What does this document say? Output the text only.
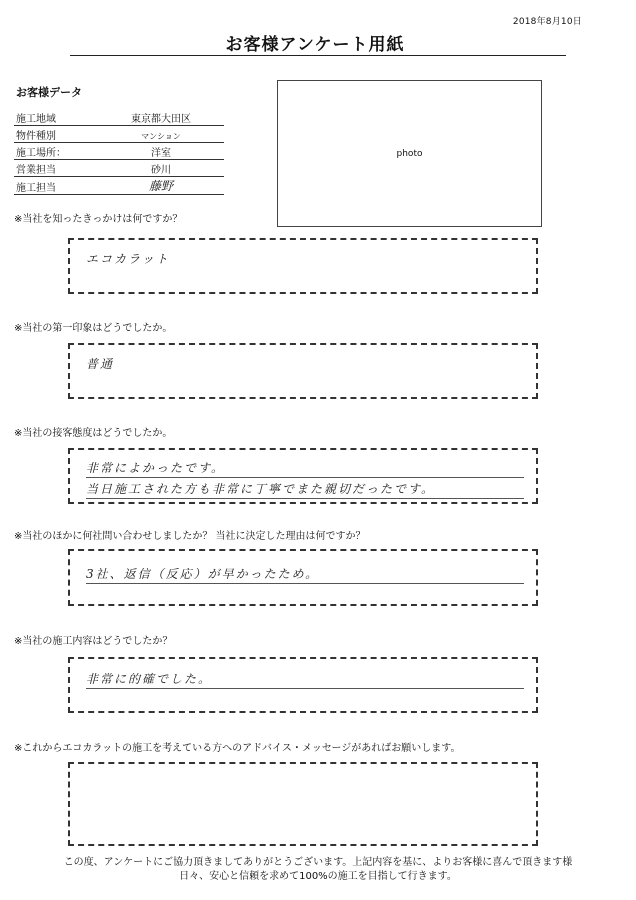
2018年8月10日
お客様アンケート用紙
お客様データ
施工地域	東京都大田区
物件種別	マンション
施工場所：	洋室
営業担当	砂川
施工担当	藤野
photo
※当社を知ったきっかけは何ですか？
エコカラット
※当社の第一印象はどうでしたか。
普通
※当社の接客態度はどうでしたか。
非常によかったです。
当日施工された方も非常に丁寧でまた親切だったです。
※当社のほかに何社問い合わせしましたか？ 当社に決定した理由は何ですか？
3社、返信（反応）が早かったため。
※当社の施工内容はどうでしたか？
非常に的確でした。
※これからエコカラットの施工を考えている方へのアドバイス・メッセージがあればお願いします。
この度、アンケートにご協力頂きましてありがとうございます。上記内容を基に、よりお客様に喜んで頂きます様
日々、安心と信頼を求めて100%の施工を目指して行きます。
